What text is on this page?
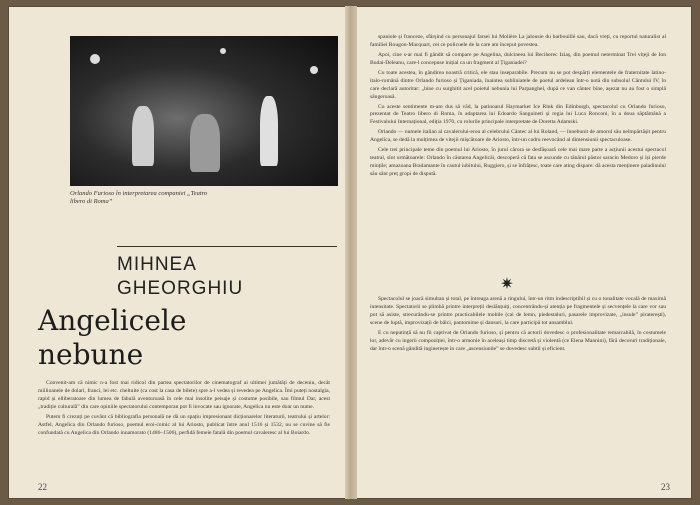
Orlando Furioso în interpretarea companiei „Teatro libero di Roma”
MIHNEA
GHEORGHIU
Angelicele
nebune

Convenit-am că nimic n-a fost mai ridicol din partea spectatorilor de cinematograf ai ultimei jumătăți de deceniu, decât miilioanele de dolari, franci, lei etc. cheltuite (ca cost la casa de bilete) spre a-l vedea și revedea pe Angelica. Îmi puteți nostalgia, rapid și elliberatoare din lumea de fabulă aventuroasă în cele mai insolite peisaje și costume posibile, sau filmul Dar, acest „tradiție culturală” din care opiniile spectatorului contemporan pot fi invocate sau ignorate, Angelica nu este doar un nume.

Putem fi crezuți pe cuvânt că bibliografia personală ne dă un spațiu impresionant dicționarelor literaturii, teatrului și artelor: Astfel, Angelica din Orlando furioso, poemul eroi-comic al lui Ariosto, publicat între anul 1516 și 1532, nu se cuvine să fie confundată cu Angelica din Orlando innamorato (1486–1506), perfidă femeie fatală din poemul cavaleresc al lui Boiardo.

22

spaniole și franceze, sfârșind cu personajul farsei lui Molière La jalousie du barbouillé sau, dacă vreți, cu reportul naturalist al familiei Rougon-Macquart, cei ce policuele de la care am început povestea.

Apoi, cine s-ar mai fi gândit să compare pe Angelina, dulcineea lui Beciherec Iziaș, din poemul neterminat Trei vițeji de Ion Budai-Deleanu, care-l concepuse inițial ca un fragment al Țiganiadei?

Cu toate acestea, în gândirea noastră critică, ele stau inseparabile. Precum nu se pot despărți elementele de fraternitate latino-italo-română dintre Orlando furioso și Țiganiada, înaintea subliniatele de poetul ardelean într-o notă din subsolul Cântului IV, în care declară autoritar: „bine cu surghitit acel poietul nebunia lui Parpanghel, după ce van cântec bine, așezat nu au fost o simplă sângeroasă.

Cu aceste sentimente m-am dus să văd, la patinoarul Haymarket Ice Rink din Edinburgh, spectacolul cu Orlando furioso, prezentat de Teatro libero di Roma, în adaptarea lui Edoardo Sanguineti și regia lui Luca Ronconi, în a doua săptămână a Festivalului Internațional, ediția 1970, cu rolurile principale interpretate de Doretta Adamski.

Orlando — numele italian al cavalerului-erou al celebrului Cântec al lui Roland, — înnebunit de amorul său neîmpărtășit pentru Angelica, se dedă la mulțimea de vitejii mișcătoare de Ariosto, într-un cadru reevocând al dimensiunii spectaculoase.

Cele trei principale teme din poemul lui Ariosto, în jurul cărora se desfășoară cele mai mare parte a acțiunii acestui spectacol teatral, sînt următoarele: Orlando în căutarea Angelicăi, descoperă că fata se ascunde cu tânărul păstor saracin Medoro și își pierde mințile; amazoana Bradamante în cautul iubitului, Ruggiero, și se înfrățesc, toate care ating dispare: dă acesta menținere paladinului său sânt preț gropi de dispută.

✷

Spectacolul se joacă simultan și total, pe întreaga arenă a ringului, într-un ritm indescriptibil și cu o tonalitate vocală de maximă intensitate. Spectatorii se plimbă printre interpreții deslănțuiți, concentrându-și atenția pe fragmentele și secvențele la care vor sau pot să asiste, strecurându-se printre practicabilele mobile (cai de lemn, piedestaluri, pasarele improvizate, „insule” piratereşti), scene de luptă, improvizații de bâlci, pantomime și dansuri, la care participă tot ansamblul.

E cu neputință să nu fii captivat de Orlando furioso, și pentru că actorii dovedesc o profesionalitate remarcabilă, în costumele lor, adevăr cu ingerii compoziției, într-o armonie în aceleași timp discretă și violentă (ce Elena Mannini), fără decoruri tradiționale, dar într-o scenă gândită inginerește în care „ascensiunile” se dovedesc subtil și eficient.

23
